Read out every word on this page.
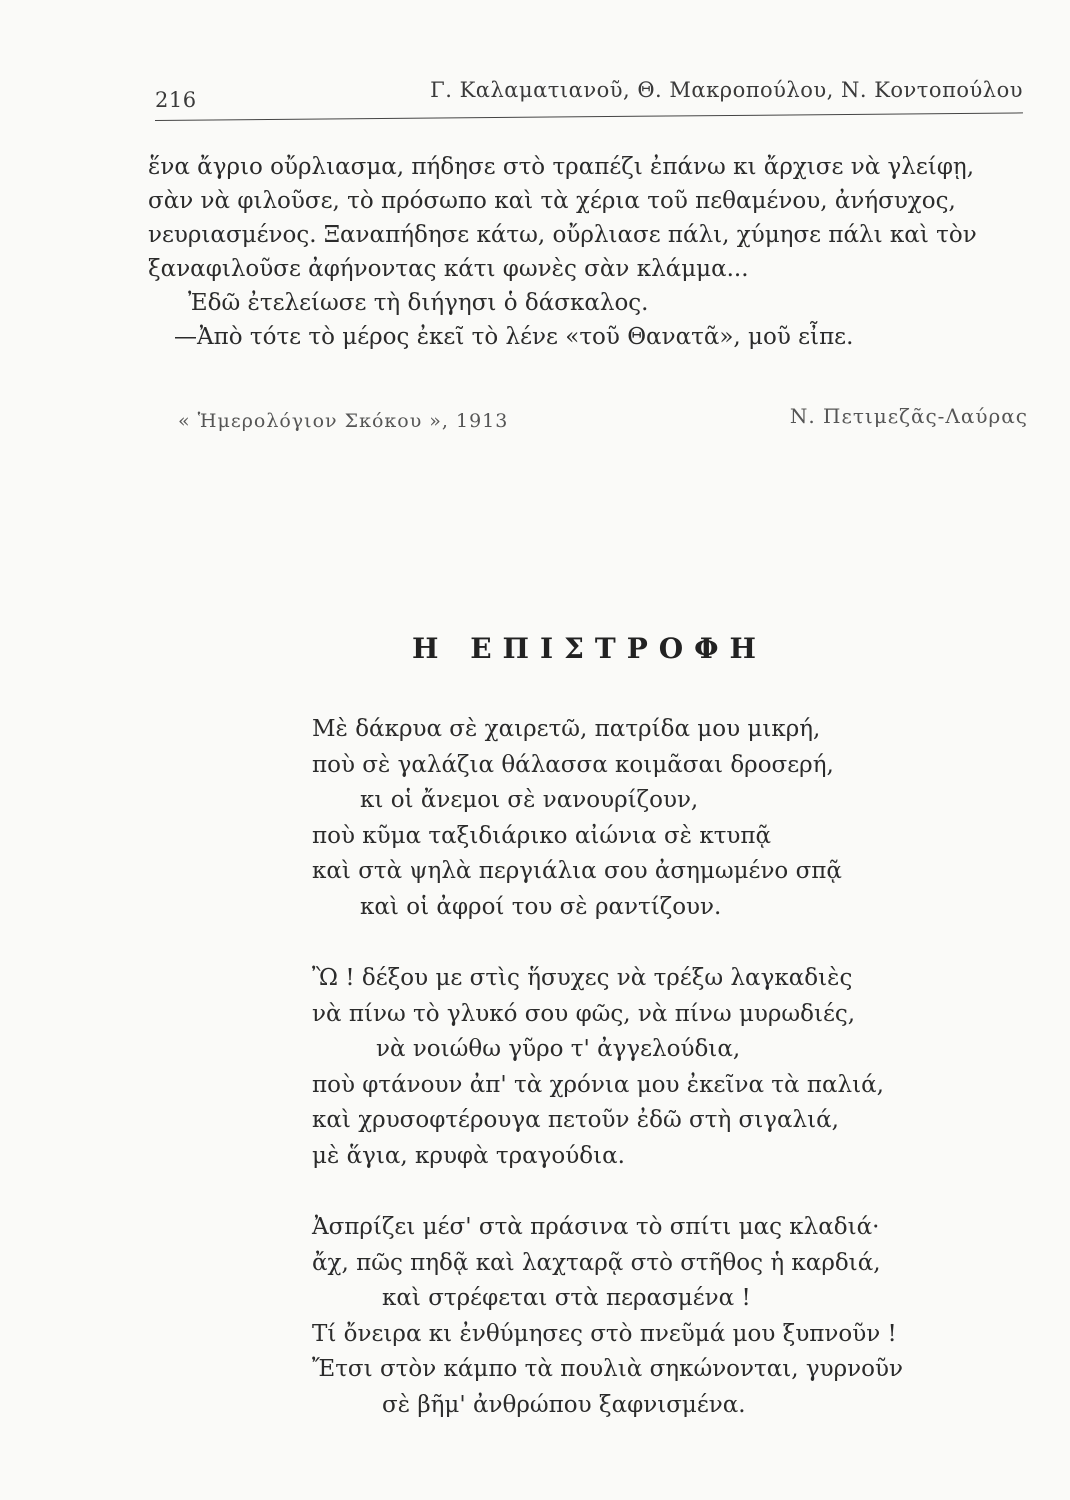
216	Γ. Καλαματιανοῦ, Θ. Μακροπούλου, Ν. Κοντοπούλου
ἕνα ἄγριο οὔρλιασμα, πήδησε στὸ τραπέζι ἐπάνω κι ἄρχισε νὰ γλείφῃ,
σὰν νὰ φιλοῦσε, τὸ πρόσωπο καὶ τὰ χέρια τοῦ πεθαμένου, ἀνήσυχος,
νευριασμένος. Ξαναπήδησε κάτω, οὔρλιασε πάλι, χύμησε πάλι καὶ τὸν
ξαναφιλοῦσε ἀφήνοντας κάτι φωνὲς σὰν κλάμμα...
Ἐδῶ ἐτελείωσε τὴ διήγησι ὁ δάσκαλος.
—Ἀπὸ τότε τὸ μέρος ἐκεῖ τὸ λένε «τοῦ Θανατᾶ», μοῦ εἶπε.
« Ἡμερολόγιον Σκόκου », 1913	Ν. Πετιμεζᾶς-Λαύρας
Η ΕΠΙΣΤΡΟΦΗ
Μὲ δάκρυα σὲ χαιρετῶ, πατρίδα μου μικρή,
ποὺ σὲ γαλάζια θάλασσα κοιμᾶσαι δροσερή,
κι οἱ ἄνεμοι σὲ νανουρίζουν,
ποὺ κῦμα ταξιδιάρικο αἰώνια σὲ κτυπᾷ
καὶ στὰ ψηλὰ περγιάλια σου ἀσημωμένο σπᾷ
καὶ οἱ ἀφροί του σὲ ραντίζουν.
Ὢ ! δέξου με στὶς ἥσυχες νὰ τρέξω λαγκαδιὲς
νὰ πίνω τὸ γλυκό σου φῶς, νὰ πίνω μυρωδιές,
νὰ νοιώθω γῦρο τ' ἀγγελούδια,
ποὺ φτάνουν ἀπ' τὰ χρόνια μου ἐκεῖνα τὰ παλιά,
καὶ χρυσοφτέρουγα πετοῦν ἐδῶ στὴ σιγαλιά,
μὲ ἅγια, κρυφὰ τραγούδια.
Ἀσπρίζει μέσ' στὰ πράσινα τὸ σπίτι μας κλαδιά·
ἄχ, πῶς πηδᾷ καὶ λαχταρᾷ στὸ στῆθος ἡ καρδιά,
καὶ στρέφεται στὰ περασμένα !
Τί ὄνειρα κι ἐνθύμησες στὸ πνεῦμά μου ξυπνοῦν !
Ἔτσι στὸν κάμπο τὰ πουλιὰ σηκώνονται, γυρνοῦν
σὲ βῆμ' ἀνθρώπου ξαφνισμένα.
